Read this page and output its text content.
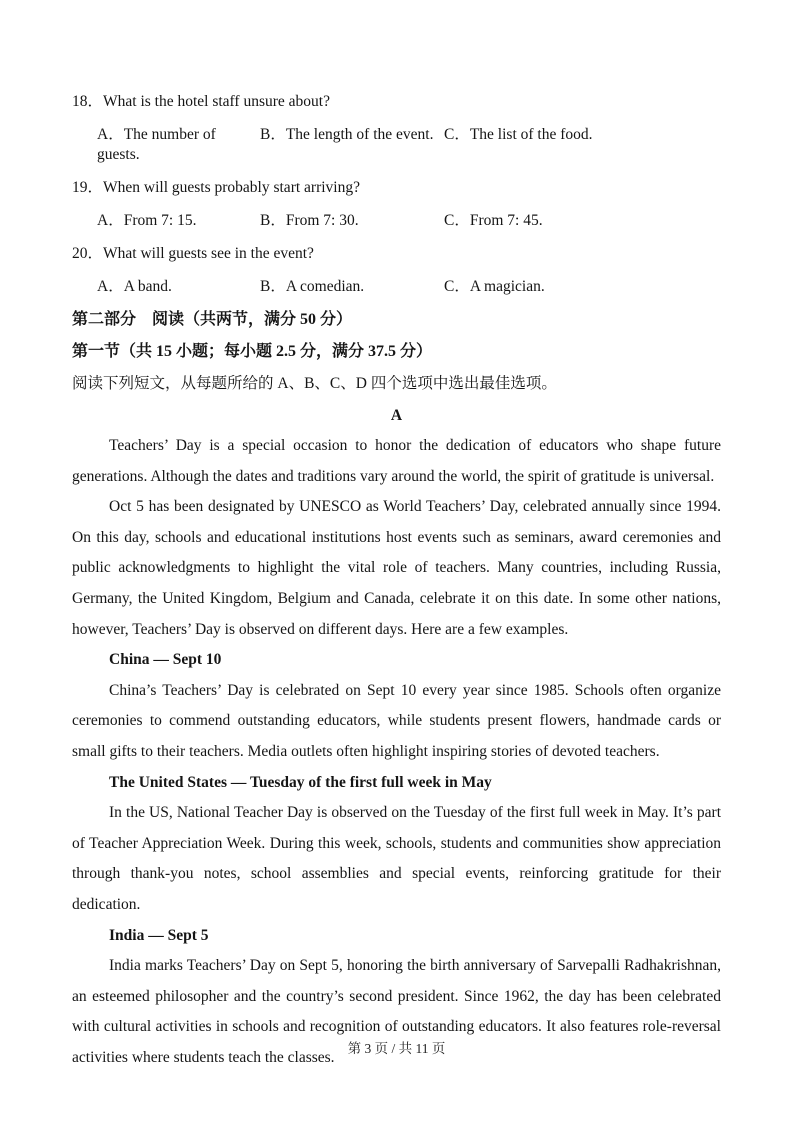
18．What is the hotel staff unsure about?
A．The number of guests.
B．The length of the event. C．The list of the food.
19．When will guests probably start arriving?
A．From 7: 15.	B．From 7: 30.	C．From 7: 45.
20．What will guests see in the event?
A．A band.	B．A comedian.	C．A magician.
第二部分　阅读（共两节，满分 50 分）
第一节（共 15 小题；每小题 2.5 分，满分 37.5 分）
阅读下列短文，从每题所给的 A、B、C、D 四个选项中选出最佳选项。
A

Teachers’ Day is a special occasion to honor the dedication of educators who shape future generations. Although the dates and traditions vary around the world, the spirit of gratitude is universal.

Oct 5 has been designated by UNESCO as World Teachers’ Day, celebrated annually since 1994. On this day, schools and educational institutions host events such as seminars, award ceremonies and public acknowledgments to highlight the vital role of teachers. Many countries, including Russia, Germany, the United Kingdom, Belgium and Canada, celebrate it on this date. In some other nations, however, Teachers’ Day is observed on different days. Here are a few examples.

China — Sept 10

China’s Teachers’ Day is celebrated on Sept 10 every year since 1985. Schools often organize ceremonies to commend outstanding educators, while students present flowers, handmade cards or small gifts to their teachers. Media outlets often highlight inspiring stories of devoted teachers.

The United States — Tuesday of the first full week in May

In the US, National Teacher Day is observed on the Tuesday of the first full week in May. It’s part of Teacher Appreciation Week. During this week, schools, students and communities show appreciation through thank-you notes, school assemblies and special events, reinforcing gratitude for their dedication.

India — Sept 5

India marks Teachers’ Day on Sept 5, honoring the birth anniversary of Sarvepalli Radhakrishnan, an esteemed philosopher and the country’s second president. Since 1962, the day has been celebrated with cultural activities in schools and recognition of outstanding educators. It also features role-reversal activities where students teach the classes.

第 3 页 / 共 11 页
